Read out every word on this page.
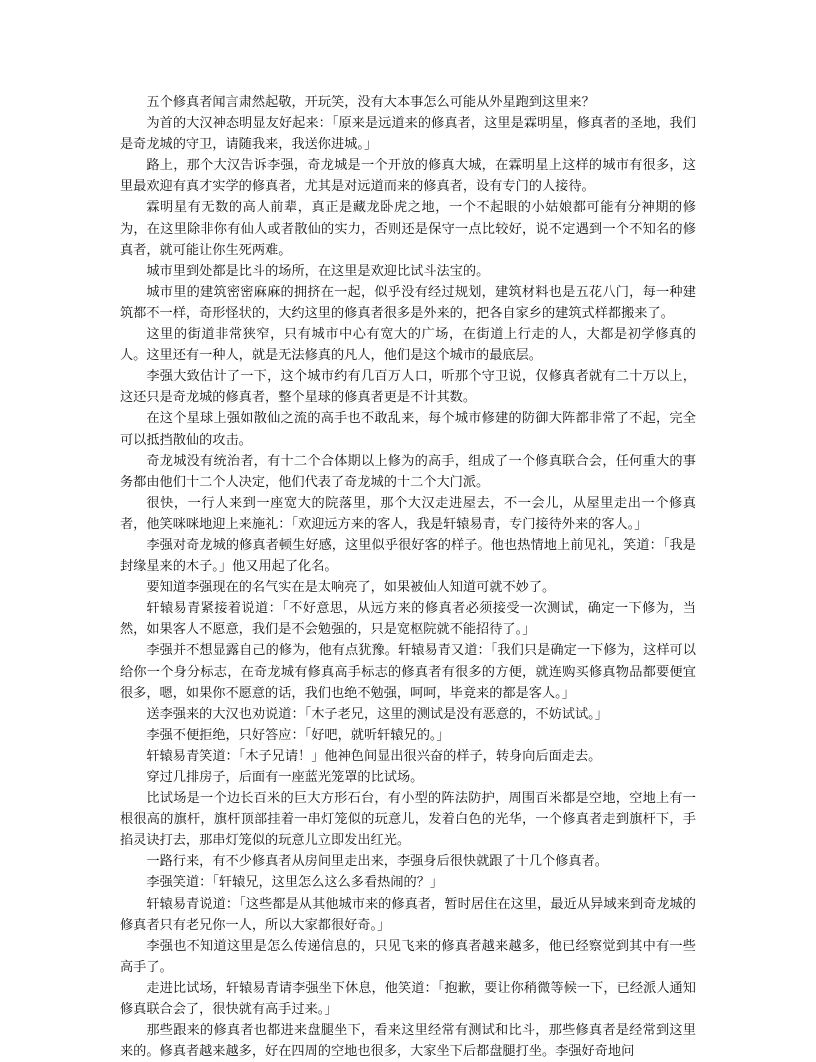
五个修真者闻言肃然起敬，开玩笑，没有大本事怎么可能从外星跑到这里来？

为首的大汉神态明显友好起来：「原来是远道来的修真者，这里是霖明星，修真者的圣地，我们是奇龙城的守卫，请随我来，我送你进城。」

路上，那个大汉告诉李强，奇龙城是一个开放的修真大城，在霖明星上这样的城市有很多，这里最欢迎有真才实学的修真者，尤其是对远道而来的修真者，设有专门的人接待。

霖明星有无数的高人前辈，真正是藏龙卧虎之地，一个不起眼的小姑娘都可能有分神期的修为，在这里除非你有仙人或者散仙的实力，否则还是保守一点比较好，说不定遇到一个不知名的修真者，就可能让你生死两难。

城市里到处都是比斗的场所，在这里是欢迎比试斗法宝的。

城市里的建筑密密麻麻的拥挤在一起，似乎没有经过规划，建筑材料也是五花八门，每一种建筑都不一样，奇形怪状的，大约这里的修真者很多是外来的，把各自家乡的建筑式样都搬来了。

这里的街道非常狭窄，只有城市中心有宽大的广场，在街道上行走的人，大都是初学修真的人。这里还有一种人，就是无法修真的凡人，他们是这个城市的最底层。

李强大致估计了一下，这个城市约有几百万人口，听那个守卫说，仅修真者就有二十万以上，这还只是奇龙城的修真者，整个星球的修真者更是不计其数。

在这个星球上强如散仙之流的高手也不敢乱来，每个城市修建的防御大阵都非常了不起，完全可以抵挡散仙的攻击。

奇龙城没有统治者，有十二个合体期以上修为的高手，组成了一个修真联合会，任何重大的事务都由他们十二个人决定，他们代表了奇龙城的十二个大门派。

很快，一行人来到一座宽大的院落里，那个大汉走进屋去，不一会儿，从屋里走出一个修真者，他笑咪咪地迎上来施礼：「欢迎远方来的客人，我是轩辕易青，专门接待外来的客人。」

李强对奇龙城的修真者顿生好感，这里似乎很好客的样子。他也热情地上前见礼，笑道：「我是封缘星来的木子。」他又用起了化名。

要知道李强现在的名气实在是太响亮了，如果被仙人知道可就不妙了。

轩辕易青紧接着说道：「不好意思，从远方来的修真者必须接受一次测试，确定一下修为，当然，如果客人不愿意，我们是不会勉强的，只是宽枢院就不能招待了。」

李强并不想显露自己的修为，他有点犹豫。轩辕易青又道：「我们只是确定一下修为，这样可以给你一个身分标志，在奇龙城有修真高手标志的修真者有很多的方便，就连购买修真物品都要便宜很多，嗯，如果你不愿意的话，我们也绝不勉强，呵呵，毕竟来的都是客人。」

送李强来的大汉也劝说道：「木子老兄，这里的测试是没有恶意的，不妨试试。」

李强不便拒绝，只好答应：「好吧，就听轩辕兄的。」

轩辕易青笑道：「木子兄请！」他神色间显出很兴奋的样子，转身向后面走去。

穿过几排房子，后面有一座蓝光笼罩的比试场。

比试场是一个边长百米的巨大方形石台，有小型的阵法防护，周围百米都是空地，空地上有一根很高的旗杆，旗杆顶部挂着一串灯笼似的玩意儿，发着白色的光华，一个修真者走到旗杆下，手掐灵诀打去，那串灯笼似的玩意儿立即发出红光。

一路行来，有不少修真者从房间里走出来，李强身后很快就跟了十几个修真者。

李强笑道：「轩辕兄，这里怎么这么多看热闹的？」

轩辕易青说道：「这些都是从其他城市来的修真者，暂时居住在这里，最近从异域来到奇龙城的修真者只有老兄你一人，所以大家都很好奇。」

李强也不知道这里是怎么传递信息的，只见飞来的修真者越来越多，他已经察觉到其中有一些高手了。

走进比试场，轩辕易青请李强坐下休息，他笑道：「抱歉，要让你稍微等候一下，已经派人通知修真联合会了，很快就有高手过来。」

那些跟来的修真者也都进来盘腿坐下，看来这里经常有测试和比斗，那些修真者是经常到这里来的。修真者越来越多，好在四周的空地也很多，大家坐下后都盘腿打坐。李强好奇地问
